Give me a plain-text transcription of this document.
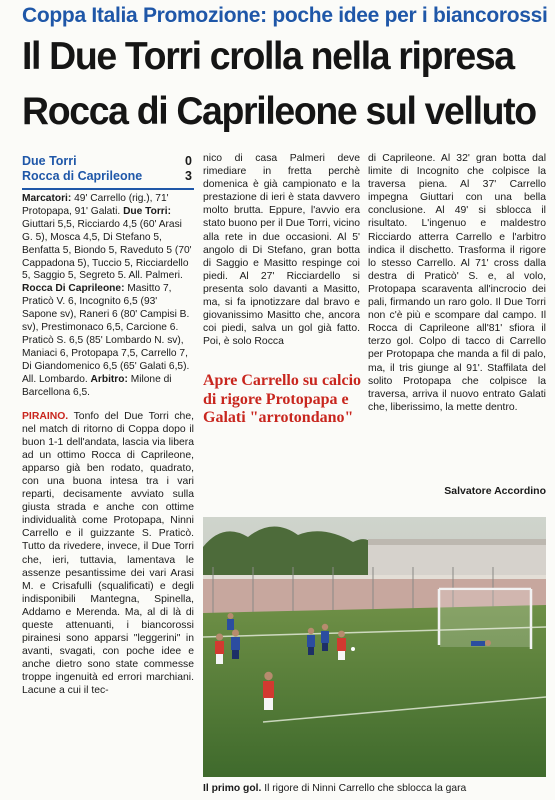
Coppa Italia Promozione: poche idee per i biancorossi
Il Due Torri crolla nella ripresa
Rocca di Caprileone sul velluto
Due Torri	0
Rocca di Caprileone	3
Marcatori: 49' Carrello (rig.), 71' Protopapa, 91' Galati. Due Torri: Giuttari 5,5, Ricciardo 4,5 (60' Arasi G. 5), Mosca 4,5, Di Stefano 5, Benfatta 5, Biondo 5, Raveduto 5 (70' Cappadona 5), Tuccio 5, Ricciardello 5, Saggio 5, Segreto 5. All. Palmeri. Rocca Di Caprileone: Masitto 7, Praticò V. 6, Incognito 6,5 (93' Sapone sv), Raneri 6 (80' Campisi B. sv), Prestimonaco 6,5, Carcione 6. Praticò S. 6,5 (85' Lombardo N. sv), Maniaci 6, Protopapa 7,5, Carrello 7, Di Giandomenico 6,5 (65' Galati 6,5). All. Lombardo. Arbitro: Milone di Barcellona 6,5.
PIRAINO. Tonfo del Due Torri che, nel match di ritorno di Coppa dopo il buon 1-1 dell'andata, lascia via libera ad un ottimo Rocca di Caprileone, apparso già ben rodato, quadrato, con una buona intesa tra i vari reparti, decisamente avviato sulla giusta strada e anche con ottime individualità come Protopapa, Ninni Carrello e il guizzante S. Praticò. Tutto da rivedere, invece, il Due Torri che, ieri, tuttavia, lamentava le assenze pesantissime dei vari Arasi M. e Crisafulli (squalificati) e degli indisponibili Mantegna, Spinella, Addamo e Merenda. Ma, al di là di queste attenuanti, i biancorossi pirainesi sono apparsi "leggerini" in avanti, svagati, con poche idee e anche dietro sono state commesse troppe ingenuità ed errori marchiani. Lacune a cui il tec-
nico di casa Palmeri deve rimediare in fretta perchè domenica è già campionato e la prestazione di ieri è stata davvero molto brutta. Eppure, l'avvio era stato buono per il Due Torri, vicino alla rete in due occasioni. Al 5' angolo di Di Stefano, gran botta di Saggio e Masitto respinge coi piedi. Al 27' Ricciardello si presenta solo davanti a Masitto, ma, si fa ipnotizzare dal bravo e giovanissimo Masitto che, ancora coi piedi, salva un gol già fatto. Poi, è solo Rocca
Apre Carrello su calcio di rigore Protopapa e Galati "arrotondano"
di Caprileone. Al 32' gran botta dal limite di Incognito che colpisce la traversa piena. Al 37' Carrello impegna Giuttari con una bella conclusione. Al 49' si sblocca il risultato. L'ingenuo e maldestro Ricciardo atterra Carrello e l'arbitro indica il dischetto. Trasforma il rigore lo stesso Carrello. Al 71' cross dalla destra di Praticò' S. e, al volo, Protopapa scaraventa all'incrocio dei pali, firmando un raro golo. Il Due Torri non c'è più e scompare dal campo. Il Rocca di Caprileone all'81' sfiora il terzo gol. Colpo di tacco di Carrello per Protopapa che manda a fil di palo, ma, il tris giunge al 91'. Staffilata del solito Protopapa che colpisce la traversa, arriva il nuovo entrato Galati che, liberissimo, la mette dentro.
Salvatore Accordino
Il primo gol. Il rigore di Ninni Carrello che sblocca la gara
